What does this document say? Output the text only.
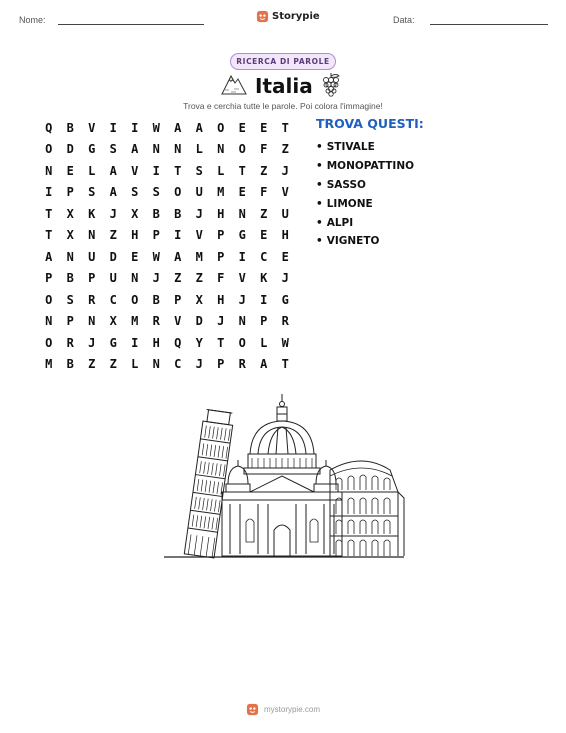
Nome:	Storypie	Data:
RICERCA DI PAROLE
Italia
Trova e cerchia tutte le parole. Poi colora l'immagine!
Q	B	V	I	I	W	A	A	O	E	E	T
O	D	G	S	A	N	N	L	N	O	F	Z
N	E	L	A	V	I	T	S	L	T	Z	J
I	P	S	A	S	S	O	U	M	E	F	V
T	X	K	J	X	B	B	J	H	N	Z	U
T	X	N	Z	H	P	I	V	P	G	E	H
A	N	U	D	E	W	A	M	P	I	C	E
P	B	P	U	N	J	Z	Z	F	V	K	J
O	S	R	C	O	B	P	X	H	J	I	G
N	P	N	X	M	R	V	D	J	N	P	R
O	R	J	G	I	H	Q	Y	T	O	L	W
M	B	Z	Z	L	N	C	J	P	R	A	T
TROVA QUESTI:
• STIVALE
• MONOPATTINO
• SASSO
• LIMONE
• ALPI
• VIGNETO
mystorypie.com
